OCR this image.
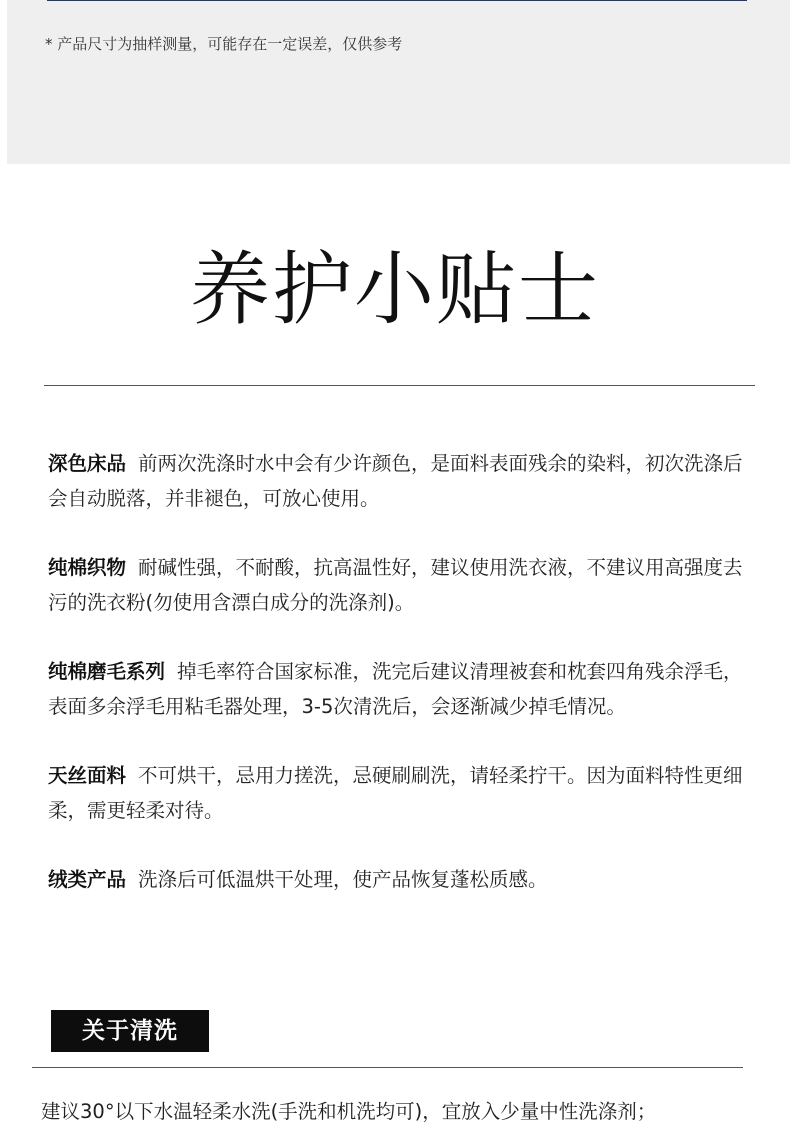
* 产品尺寸为抽样测量，可能存在一定误差，仅供参考
养护小贴士

深色床品 前两次洗涤时水中会有少许颜色，是面料表面残余的染料，初次洗涤后会自动脱落，并非褪色，可放心使用。

纯棉织物 耐碱性强，不耐酸，抗高温性好，建议使用洗衣液，不建议用高强度去污的洗衣粉(勿使用含漂白成分的洗涤剂)。

纯棉磨毛系列 掉毛率符合国家标准，洗完后建议清理被套和枕套四角残余浮毛，表面多余浮毛用粘毛器处理，3-5次清洗后，会逐渐减少掉毛情况。

天丝面料 不可烘干，忌用力搓洗，忌硬刷刷洗，请轻柔拧干。因为面料特性更细柔，需更轻柔对待。

绒类产品 洗涤后可低温烘干处理，使产品恢复蓬松质感。

关于清洗
建议30°以下水温轻柔水洗(手洗和机洗均可)，宜放入少量中性洗涤剂；
